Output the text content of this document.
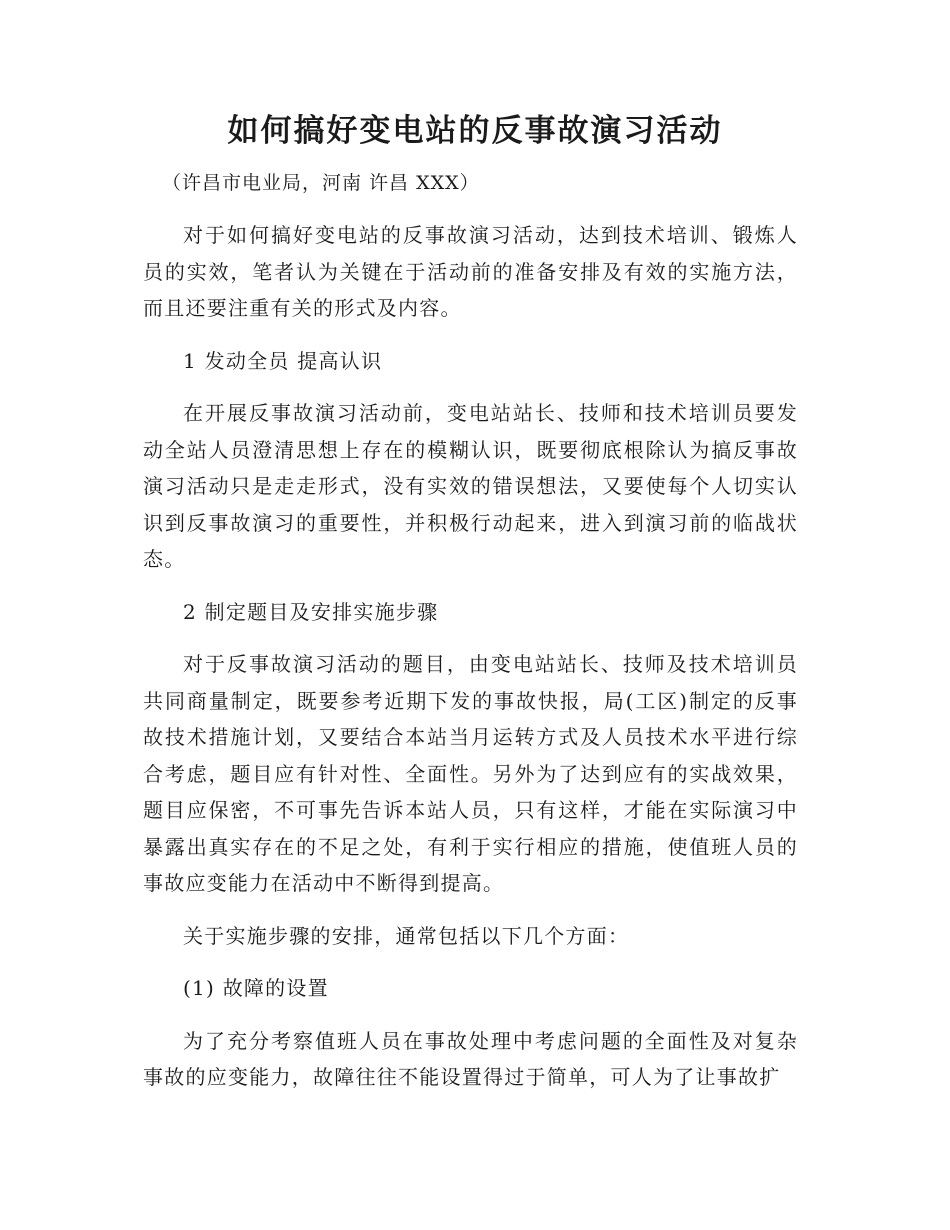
如何搞好变电站的反事故演习活动
（许昌市电业局，河南 许昌 XXX）

对于如何搞好变电站的反事故演习活动，达到技术培训、锻炼人员的实效，笔者认为关键在于活动前的准备安排及有效的实施方法，而且还要注重有关的形式及内容。

1 发动全员 提高认识

在开展反事故演习活动前，变电站站长、技师和技术培训员要发动全站人员澄清思想上存在的模糊认识，既要彻底根除认为搞反事故演习活动只是走走形式，没有实效的错误想法，又要使每个人切实认识到反事故演习的重要性，并积极行动起来，进入到演习前的临战状态。

2 制定题目及安排实施步骤

对于反事故演习活动的题目，由变电站站长、技师及技术培训员共同商量制定，既要参考近期下发的事故快报，局(工区)制定的反事故技术措施计划，又要结合本站当月运转方式及人员技术水平进行综合考虑，题目应有针对性、全面性。另外为了达到应有的实战效果，题目应保密，不可事先告诉本站人员，只有这样，才能在实际演习中暴露出真实存在的不足之处，有利于实行相应的措施，使值班人员的事故应变能力在活动中不断得到提高。

关于实施步骤的安排，通常包括以下几个方面：

(1) 故障的设置

为了充分考察值班人员在事故处理中考虑问题的全面性及对复杂事故的应变能力，故障往往不能设置得过于简单，可人为了让事故扩
